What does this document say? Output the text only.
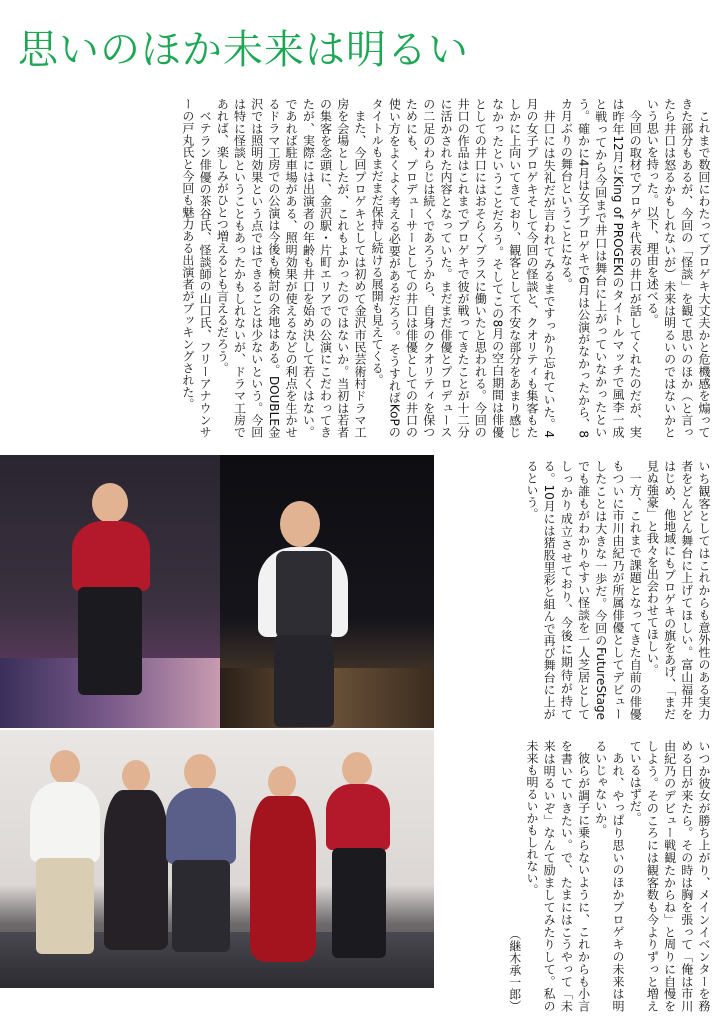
思いのほか未来は明るい

これまで数回にわたってプロゲキ大丈夫かと危機感を煽ってきた部分もあるが、今回の「怪談」を観て思いのほか（と言ったら井口は怒るかもしれないが）未来は明るいのではないかという思いを持った。以下、理由を述べる。

今回の取材でプロゲキ代表の井口が話してくれたのだが、実は昨年12月にKing of PROGEKIのタイトルマッチで風李一成と戦ってから今回まで井口は舞台に上がっていなかったという。確かに4月は女子プロゲキで6月は公演がなかったから、8カ月ぶりの舞台ということになる。

井口には失礼だが言われてみるまですっかり忘れていた。4月の女子プロゲキそして今回の怪談と、クオリティも集客もたしかに上向いてきており、観客として不安な部分をあまり感じなかったということだろう。そしてこの8月の空白期間は俳優としての井口にはおそらくプラスに働いたと思われる。今回の井口の作品はこれまでプロゲキで彼が戦ってきたことが十二分に活かされた内容となっていた。まだまだ俳優とプロデュースの二足のわらじは続くであろうから、自身のクオリティを保つためにも、プロデューサーとしての井口は俳優としての井口の使い方をよくよく考える必要があるだろう。そうすればKoPのタイトルもまだまだ保持し続ける展開も見えてくる。

また、今回プロゲキとしては初めて金沢市民芸術村ドラマ工房を会場としたが、これもよかったのではないか。当初は若者の集客を念頭に、金沢駅・片町エリアでの公演にこだわってきたが、実際には出演者の年齢も井口を始め決して若くはない。であれば駐車場がある、照明効果が使えるなどの利点を生かせるドラマ工房での公演は今後も検討の余地はある。DOUBLE金沢では照明効果という点ではできることは少ないという。今回は特に怪談ということもあったかもしれないが、ドラマ工房であれば、楽しみがひとつ増えるとも言えるだろう。

ベテラン俳優の茶谷氏、怪談師の山口氏、フリーアナウンサーの戸丸氏と今回も魅力ある出演者がブッキングされた。

いち観客としてはこれからも意外性のある実力者をどんどん舞台に上げてほしい。富山福井をはじめ、他地域にもプロゲキの旗をあげ、「まだ見ぬ強豪」と我々を出会わせてほしい。

一方、これまで課題となってきた自前の俳優もついに市川由紀乃が所属俳優としてデビューしたことは大きな一歩だ。今回のFutureStageでも誰もがわかりやすい怪談を一人芝居としてしっかり成立させており、今後に期待が持てる。10月には猪股里彩と組んで再び舞台に上がるという。

いつか彼女が勝ち上がり、メインイベンターを務める日が来たら。その時は胸を張って「俺は市川由紀乃のデビュー戦観たからね」と周りに自慢をしよう。そのころには観客数も今よりずっと増えているはずだ。

あれ、やっぱり思いのほかプロゲキの未来は明るいじゃないか。

彼らが調子に乗らないように、これからも小言を書いていきたい。で、たまにはこうやって「未来は明るいぞ」なんて励ましてみたりして。私の未来も明るいかもしれない。

（継木承一郎）
